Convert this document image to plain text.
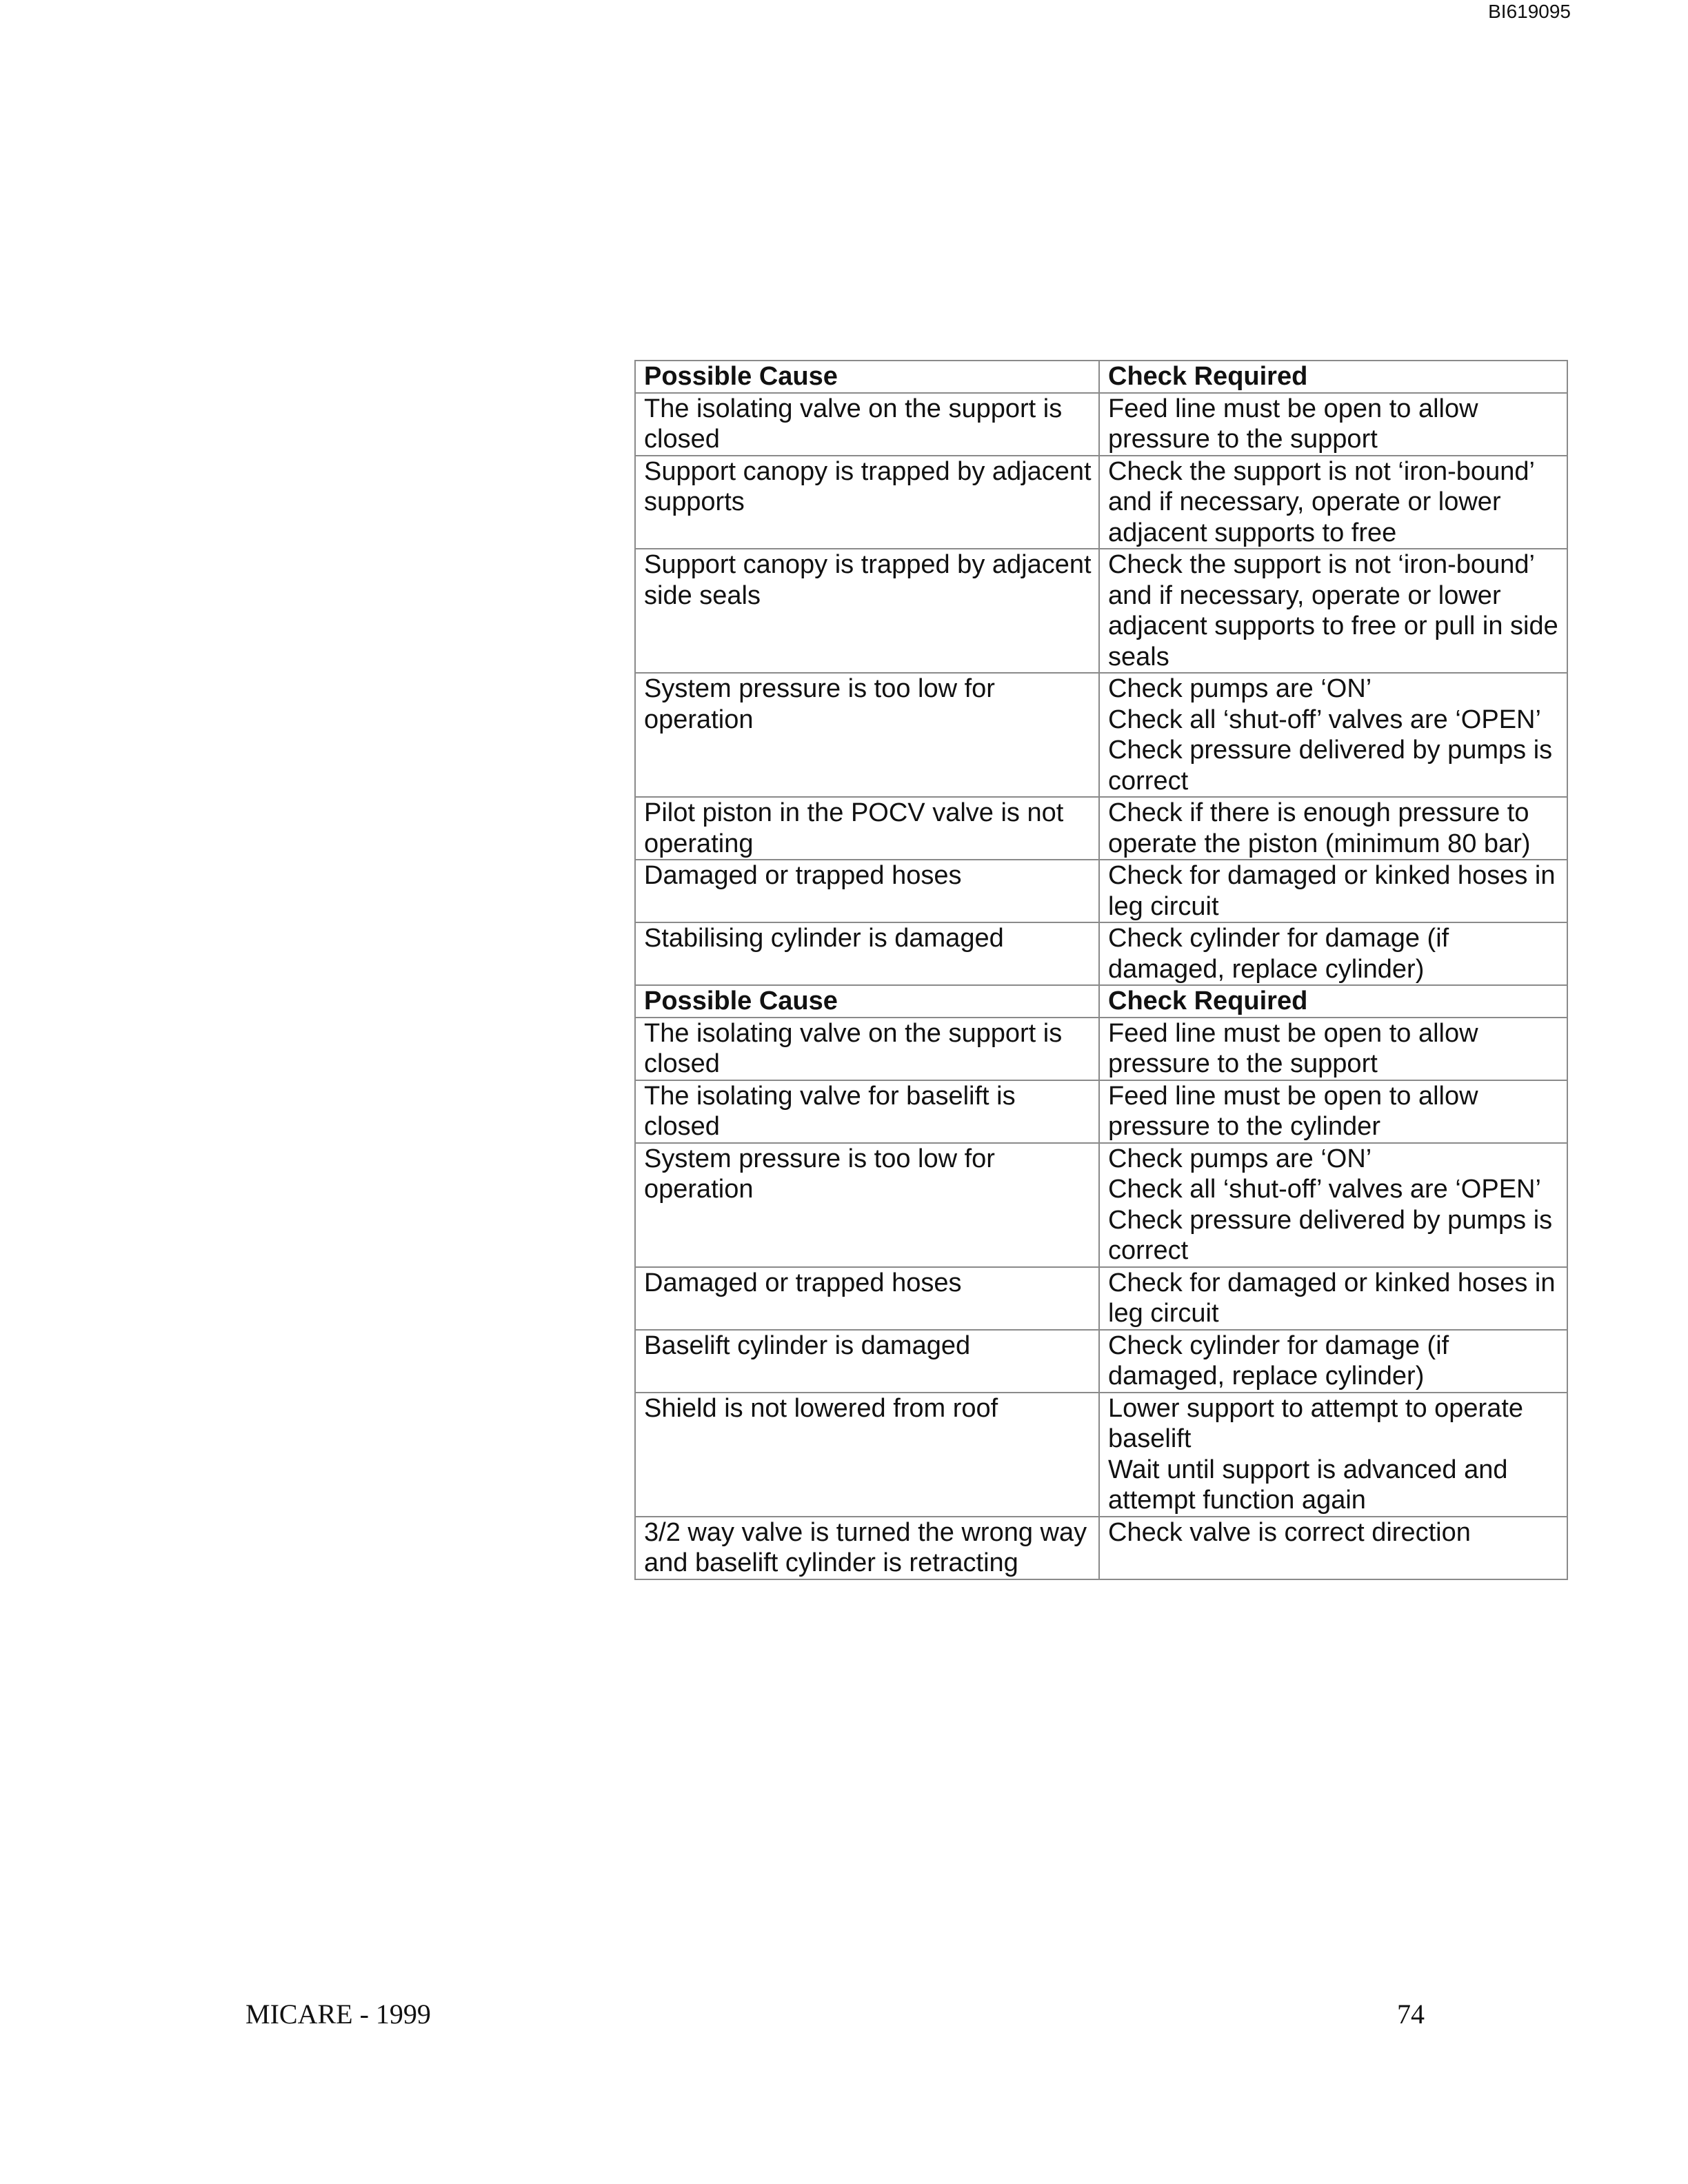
BI619095
Possible Cause	Check Required
The isolating valve on the support is
closed	Feed line must be open to allow
pressure to the support
Support canopy is trapped by adjacent
supports	Check the support is not ‘iron-bound’
and if necessary, operate or lower
adjacent supports to free
Support canopy is trapped by adjacent
side seals	Check the support is not ‘iron-bound’
and if necessary, operate or lower
adjacent supports to free or pull in side
seals
System pressure is too low for
operation	Check pumps are ‘ON’
Check all ‘shut-off’ valves are ‘OPEN’
Check pressure delivered by pumps is
correct
Pilot piston in the POCV valve is not
operating	Check if there is enough pressure to
operate the piston (minimum 80 bar)
Damaged or trapped hoses	Check for damaged or kinked hoses in
leg circuit
Stabilising cylinder is damaged	Check cylinder for damage (if
damaged, replace cylinder)
Possible Cause	Check Required
The isolating valve on the support is
closed	Feed line must be open to allow
pressure to the support
The isolating valve for baselift is
closed	Feed line must be open to allow
pressure to the cylinder
System pressure is too low for
operation	Check pumps are ‘ON’
Check all ‘shut-off’ valves are ‘OPEN’
Check pressure delivered by pumps is
correct
Damaged or trapped hoses	Check for damaged or kinked hoses in
leg circuit
Baselift cylinder is damaged	Check cylinder for damage (if
damaged, replace cylinder)
Shield is not lowered from roof	Lower support to attempt to operate
baselift
Wait until support is advanced and
attempt function again
3/2 way valve is turned the wrong way
and baselift cylinder is retracting	Check valve is correct direction
MICARE - 1999	74
